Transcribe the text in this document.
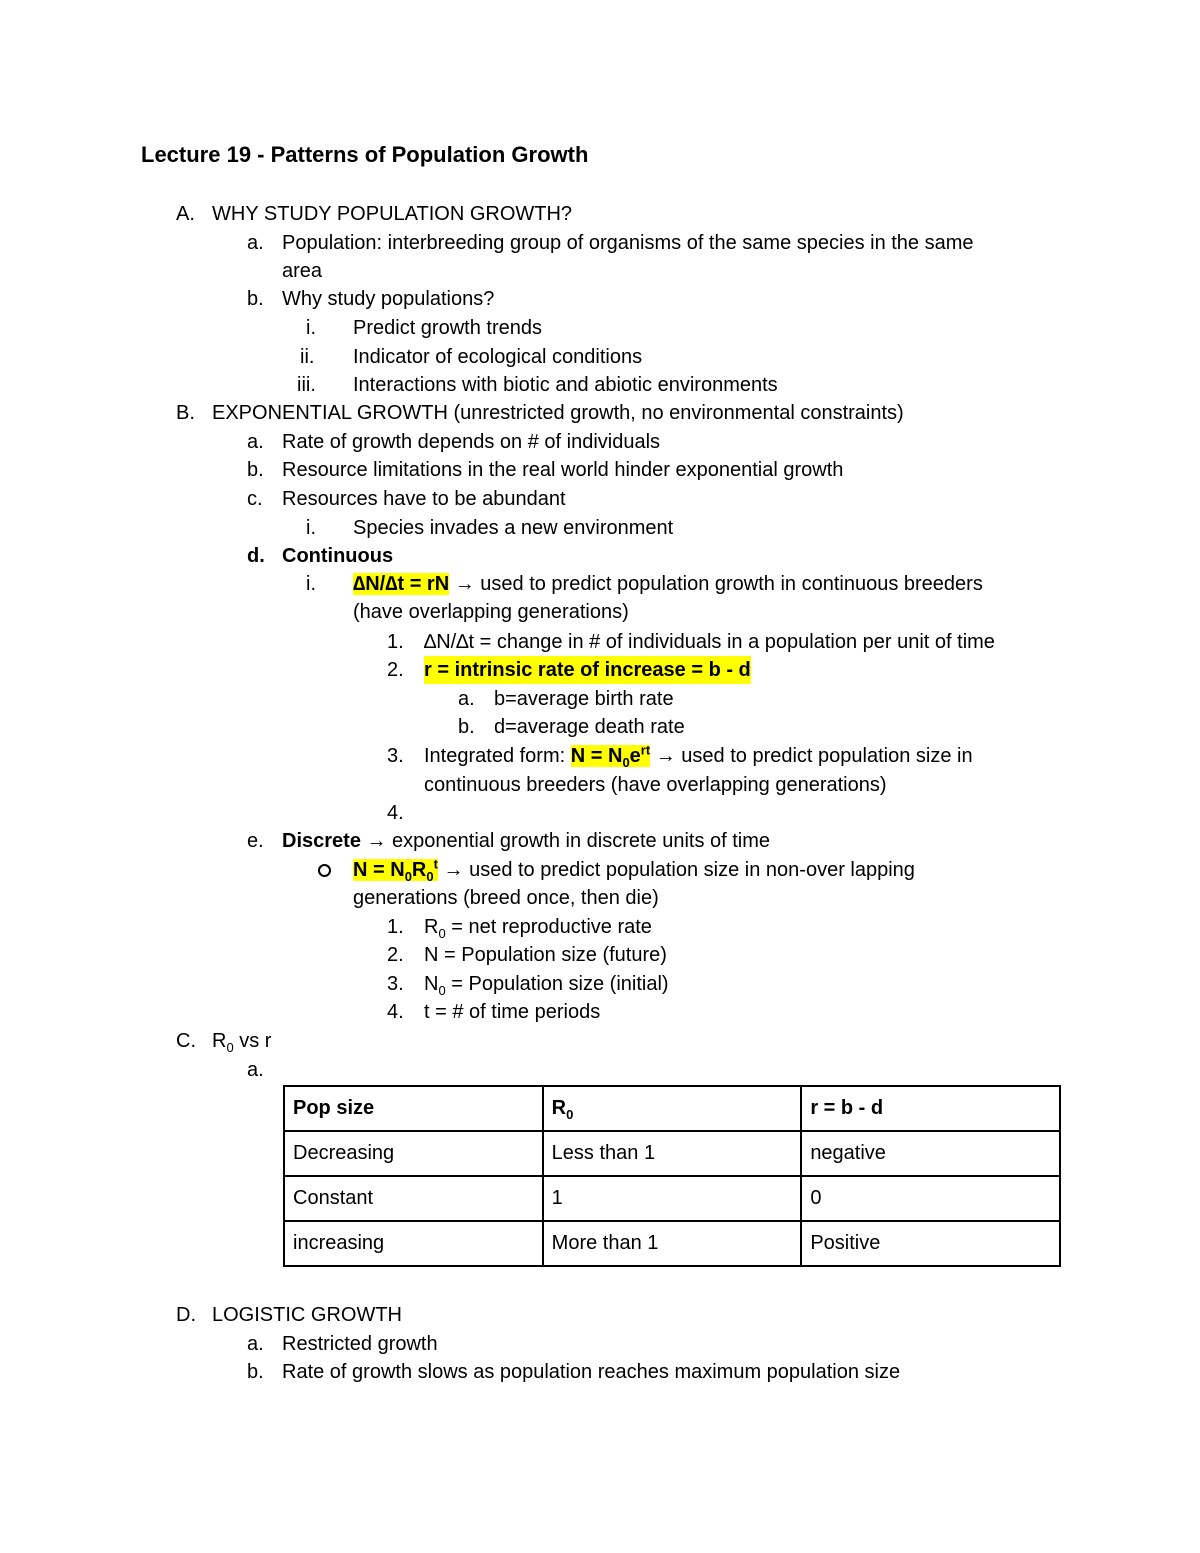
Lecture 19 - Patterns of Population Growth
A. WHY STUDY POPULATION GROWTH?
a. Population: interbreeding group of organisms of the same species in the same
area
b. Why study populations?
i. Predict growth trends
ii. Indicator of ecological conditions
iii. Interactions with biotic and abiotic environments
B. EXPONENTIAL GROWTH (unrestricted growth, no environmental constraints)
a. Rate of growth depends on # of individuals
b. Resource limitations in the real world hinder exponential growth
c. Resources have to be abundant
i. Species invades a new environment
d. Continuous
i. ∆N/∆t = rN → used to predict population growth in continuous breeders
(have overlapping generations)
1. ∆N/∆t = change in # of individuals in a population per unit of time
2. r = intrinsic rate of increase = b - d
a. b=average birth rate
b. d=average death rate
3. Integrated form: $N = N_0e^{rt}$ → used to predict population size in
continuous breeders (have overlapping generations)
4.
e. Discrete → exponential growth in discrete units of time
$N = N_0R_0^t$ → used to predict population size in non-over lapping
generations (breed once, then die)
1. $R_0$ = net reproductive rate
2. N = Population size (future)
3. $N_0$ = Population size (initial)
4. t = # of time periods
C. $R_0$ vs r
a.
Pop size	$R_0$	r = b - d
Decreasing	Less than 1	negative
Constant	1	0
increasing	More than 1	Positive
D. LOGISTIC GROWTH
a. Restricted growth
b. Rate of growth slows as population reaches maximum population size
